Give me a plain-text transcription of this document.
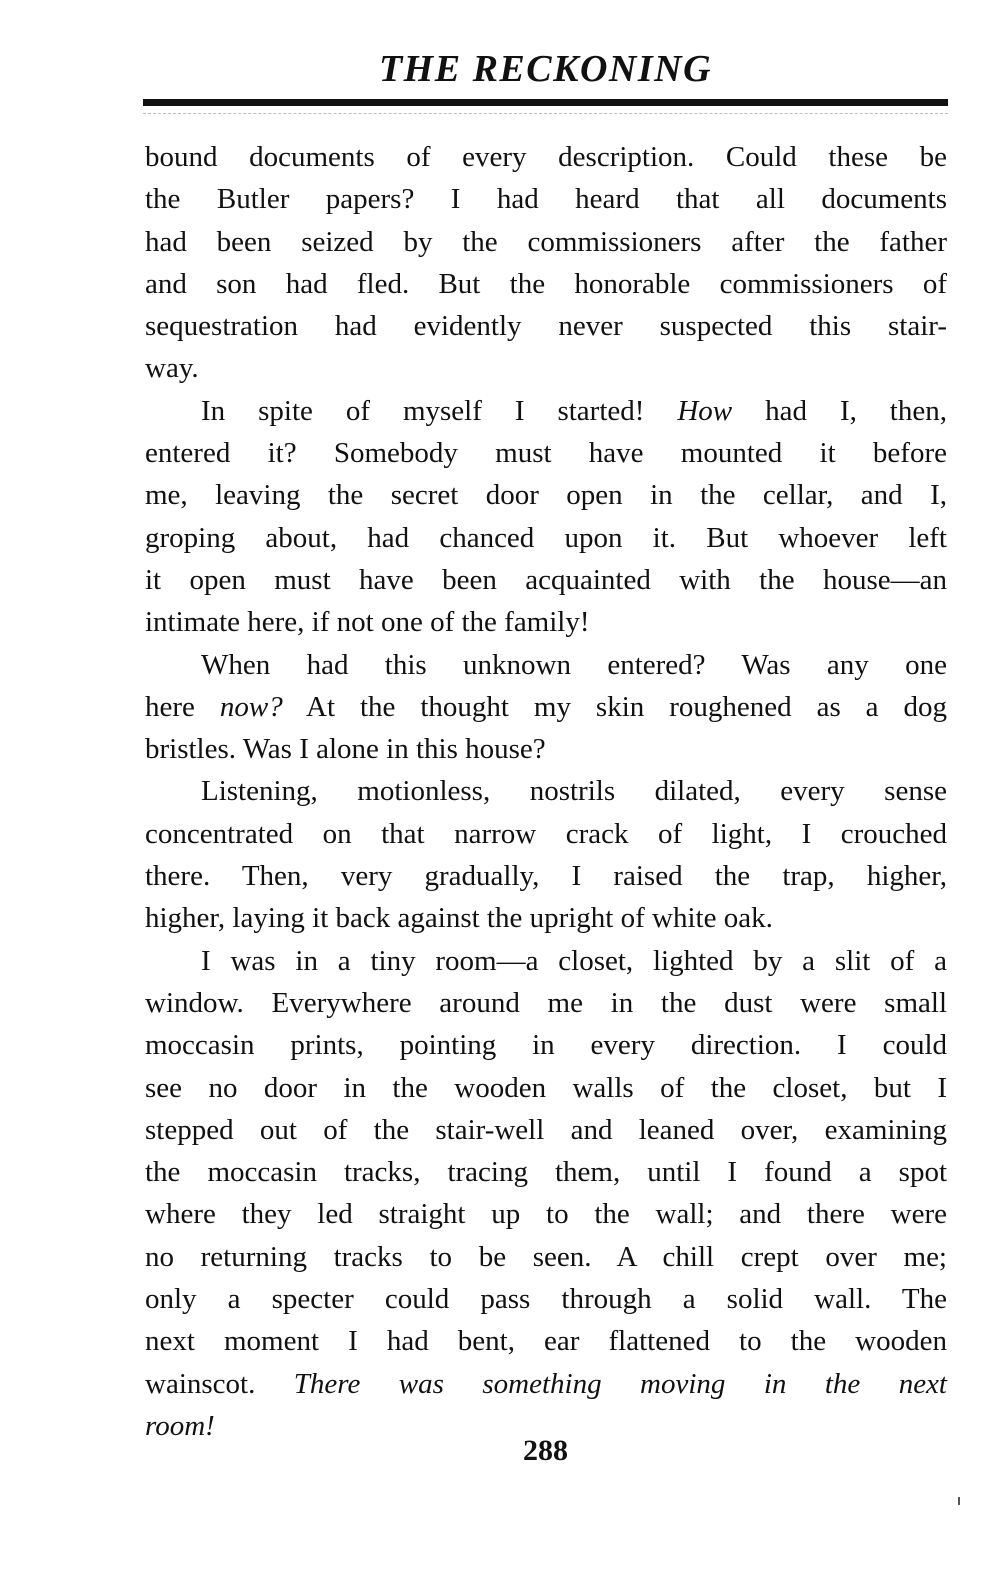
THE RECKONING
bound documents of every description. Could these be
the Butler papers? I had heard that all documents
had been seized by the commissioners after the father
and son had fled. But the honorable commissioners of
sequestration had evidently never suspected this stair-
way.
In spite of myself I started! How had I, then,
entered it? Somebody must have mounted it before
me, leaving the secret door open in the cellar, and I,
groping about, had chanced upon it. But whoever left
it open must have been acquainted with the house—an
intimate here, if not one of the family!
When had this unknown entered? Was any one
here now? At the thought my skin roughened as a dog
bristles. Was I alone in this house?
Listening, motionless, nostrils dilated, every sense
concentrated on that narrow crack of light, I crouched
there. Then, very gradually, I raised the trap, higher,
higher, laying it back against the upright of white oak.
I was in a tiny room—a closet, lighted by a slit of a
window. Everywhere around me in the dust were small
moccasin prints, pointing in every direction. I could
see no door in the wooden walls of the closet, but I
stepped out of the stair-well and leaned over, examining
the moccasin tracks, tracing them, until I found a spot
where they led straight up to the wall; and there were
no returning tracks to be seen. A chill crept over me;
only a specter could pass through a solid wall. The
next moment I had bent, ear flattened to the wooden
wainscot. There was something moving in the next
room!
288
